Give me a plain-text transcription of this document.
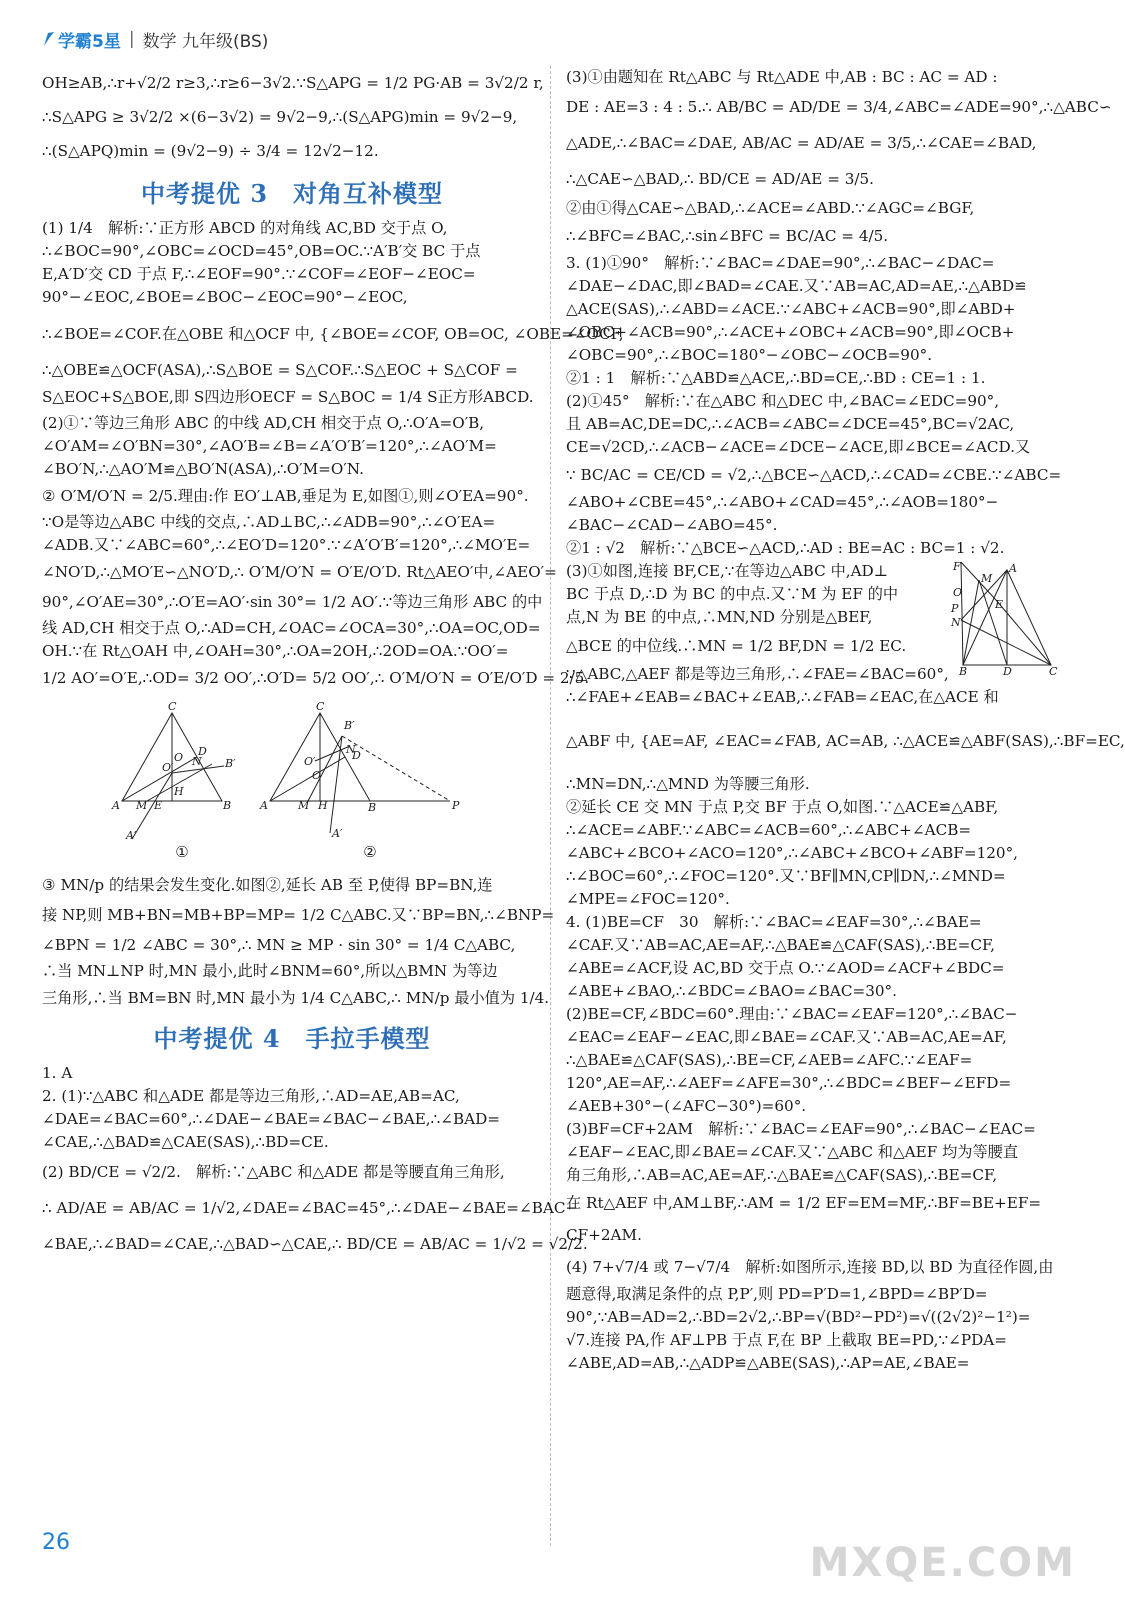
学霸5星 | 数学 九年级(BS)
OH≥AB,∴r+√2/2 r≥3,∴r≥6−3√2.∵S△APG = 1/2 PG·AB = 3√2/2 r,
∴S△APG ≥ 3√2/2 ×(6−3√2) = 9√2−9,∴(S△APG)min = 9√2−9,
∴(S△APQ)min = (9√2−9) ÷ 3/4 = 12√2−12.
中考提优 3　对角互补模型
(1) 1/4　解析:∵正方形 ABCD 的对角线 AC,BD 交于点 O,
∴∠BOC=90°,∠OBC=∠OCD=45°,OB=OC.∵A′B′交 BC 于点
E,A′D′交 CD 于点 F,∴∠EOF=90°.∵∠COF=∠EOF−∠EOC=
90°−∠EOC,∠BOE=∠BOC−∠EOC=90°−∠EOC,
∴∠BOE=∠COF.在△OBE 和△OCF 中, {∠BOE=∠COF, OB=OC, ∠OBE=∠OCF,
∴△OBE≌△OCF(ASA),∴S△BOE = S△COF.∴S△EOC + S△COF =
S△EOC+S△BOE,即 S四边形OECF = S△BOC = 1/4 S正方形ABCD.
(2)①∵等边三角形 ABC 的中线 AD,CH 相交于点 O,∴O′A=O′B,
∠O′AM=∠O′BN=30°,∠AO′B=∠B=∠A′O′B′=120°,∴∠AO′M=
∠BO′N,∴△AO′M≌△BO′N(ASA),∴O′M=O′N.
② O′M/O′N = 2/5.理由:作 EO′⊥AB,垂足为 E,如图①,则∠O′EA=90°.
∵O是等边△ABC 中线的交点,∴AD⊥BC,∴∠ADB=90°,∴∠O′EA=
∠ADB.又∵∠ABC=60°,∴∠EO′D=120°.∵∠A′O′B′=120°,∴∠MO′E=
∠NO′D,∴△MO′E∽△NO′D,∴ O′M/O′N = O′E/O′D. Rt△AEO′中,∠AEO′=
90°,∠O′AE=30°,∴O′E=AO′·sin 30°= 1/2 AO′.∵等边三角形 ABC 的中
线 AD,CH 相交于点 O,∴AD=CH,∠OAC=∠OCA=30°,∴OA=OC,OD=
OH.∵在 Rt△OAH 中,∠OAH=30°,∴OA=2OH,∴2OD=OA.∵OO′=
1/2 AO′=O′E,∴OD= 3/2 OO′,∴O′D= 5/2 OO′,∴ O′M/O′N = O′E/O′D = 2/5.
C
A	B
D
B′
O′
O
M E
H
N
A′
①
C
A	B
B′
N
D
O′
O
M H	P
A′
②
③ MN/p 的结果会发生变化.如图②,延长 AB 至 P,使得 BP=BN,连
接 NP,则 MB+BN=MB+BP=MP= 1/2 C△ABC.又∵BP=BN,∴∠BNP=
∠BPN = 1/2 ∠ABC = 30°,∴ MN ≥ MP · sin 30° = 1/4 C△ABC,
∴当 MN⊥NP 时,MN 最小,此时∠BNM=60°,所以△BMN 为等边
三角形,∴当 BM=BN 时,MN 最小为 1/4 C△ABC,∴ MN/p 最小值为 1/4.
中考提优 4　手拉手模型
1. A
2. (1)∵△ABC 和△ADE 都是等边三角形,∴AD=AE,AB=AC,
∠DAE=∠BAC=60°,∴∠DAE−∠BAE=∠BAC−∠BAE,∴∠BAD=
∠CAE,∴△BAD≌△CAE(SAS),∴BD=CE.
(2) BD/CE = √2/2.　解析:∵△ABC 和△ADE 都是等腰直角三角形,
∴ AD/AE = AB/AC = 1/√2,∠DAE=∠BAC=45°,∴∠DAE−∠BAE=∠BAC−
∠BAE,∴∠BAD=∠CAE,∴△BAD∽△CAE,∴ BD/CE = AB/AC = 1/√2 = √2/2.
(3)①由题知在 Rt△ABC 与 Rt△ADE 中,AB : BC : AC = AD :
DE : AE=3 : 4 : 5.∴ AB/BC = AD/DE = 3/4,∠ABC=∠ADE=90°,∴△ABC∽
△ADE,∴∠BAC=∠DAE, AB/AC = AD/AE = 3/5,∴∠CAE=∠BAD,
∴△CAE∽△BAD,∴ BD/CE = AD/AE = 3/5.
②由①得△CAE∽△BAD,∴∠ACE=∠ABD.∵∠AGC=∠BGF,
∴∠BFC=∠BAC,∴sin∠BFC = BC/AC = 4/5.
3. (1)①90°　解析:∵∠BAC=∠DAE=90°,∴∠BAC−∠DAC=
∠DAE−∠DAC,即∠BAD=∠CAE.又∵AB=AC,AD=AE,∴△ABD≌
△ACE(SAS),∴∠ABD=∠ACE.∵∠ABC+∠ACB=90°,即∠ABD+
∠OBC+∠ACB=90°,∴∠ACE+∠OBC+∠ACB=90°,即∠OCB+
∠OBC=90°,∴∠BOC=180°−∠OBC−∠OCB=90°.
②1 : 1　解析:∵△ABD≌△ACE,∴BD=CE,∴BD : CE=1 : 1.
(2)①45°　解析:∵在△ABC 和△DEC 中,∠BAC=∠EDC=90°,
且 AB=AC,DE=DC,∴∠ACB=∠ABC=∠DCE=45°,BC=√2AC,
CE=√2CD,∴∠ACB−∠ACE=∠DCE−∠ACE,即∠BCE=∠ACD.又
∵ BC/AC = CE/CD = √2,∴△BCE∽△ACD,∴∠CAD=∠CBE.∵∠ABC=
∠ABO+∠CBE=45°,∴∠ABO+∠CAD=45°,∴∠AOB=180°−
∠BAC−∠CAD−∠ABO=45°.
②1 : √2　解析:∵△BCE∽△ACD,∴AD : BE=AC : BC=1 : √2.
F	A
M
O
P
N
E
B	D	C
(3)①如图,连接 BF,CE,∵在等边△ABC 中,AD⊥
BC 于点 D,∴D 为 BC 的中点.又∵M 为 EF 的中
点,N 为 BE 的中点,∴MN,ND 分别是△BEF,
△BCE 的中位线.∴MN = 1/2 BF,DN = 1/2 EC.
∵△ABC,△AEF 都是等边三角形,∴∠FAE=∠BAC=60°,
∴∠FAE+∠EAB=∠BAC+∠EAB,∴∠FAB=∠EAC,在△ACE 和
△ABF 中, {AE=AF, ∠EAC=∠FAB, AC=AB, ∴△ACE≌△ABF(SAS),∴BF=EC,
∴MN=DN,∴△MND 为等腰三角形.
②延长 CE 交 MN 于点 P,交 BF 于点 O,如图.∵△ACE≌△ABF,
∴∠ACE=∠ABF.∵∠ABC=∠ACB=60°,∴∠ABC+∠ACB=
∠ABC+∠BCO+∠ACO=120°,∴∠ABC+∠BCO+∠ABF=120°,
∴∠BOC=60°,∴∠FOC=120°.又∵BF∥MN,CP∥DN,∴∠MND=
∠MPE=∠FOC=120°.
4. (1)BE=CF　30　解析:∵∠BAC=∠EAF=30°,∴∠BAE=
∠CAF.又∵AB=AC,AE=AF,∴△BAE≌△CAF(SAS),∴BE=CF,
∠ABE=∠ACF,设 AC,BD 交于点 O.∵∠AOD=∠ACF+∠BDC=
∠ABE+∠BAO,∴∠BDC=∠BAO=∠BAC=30°.
(2)BE=CF,∠BDC=60°.理由:∵∠BAC=∠EAF=120°,∴∠BAC−
∠EAC=∠EAF−∠EAC,即∠BAE=∠CAF.又∵AB=AC,AE=AF,
∴△BAE≌△CAF(SAS),∴BE=CF,∠AEB=∠AFC.∵∠EAF=
120°,AE=AF,∴∠AEF=∠AFE=30°,∴∠BDC=∠BEF−∠EFD=
∠AEB+30°−(∠AFC−30°)=60°.
(3)BF=CF+2AM　解析:∵∠BAC=∠EAF=90°,∴∠BAC−∠EAC=
∠EAF−∠EAC,即∠BAE=∠CAF.又∵△ABC 和△AEF 均为等腰直
角三角形,∴AB=AC,AE=AF,∴△BAE≌△CAF(SAS),∴BE=CF,
在 Rt△AEF 中,AM⊥BF,∴AM = 1/2 EF=EM=MF,∴BF=BE+EF=
CF+2AM.
(4) 7+√7/4 或 7−√7/4　解析:如图所示,连接 BD,以 BD 为直径作圆,由
题意得,取满足条件的点 P,P′,则 PD=P′D=1,∠BPD=∠BP′D=
90°,∵AB=AD=2,∴BD=2√2,∴BP=√(BD²−PD²)=√((2√2)²−1²)=
√7.连接 PA,作 AF⊥PB 于点 F,在 BP 上截取 BE=PD,∵∠PDA=
∠ABE,AD=AB,∴△ADP≌△ABE(SAS),∴AP=AE,∠BAE=
26	MXQE.COM
